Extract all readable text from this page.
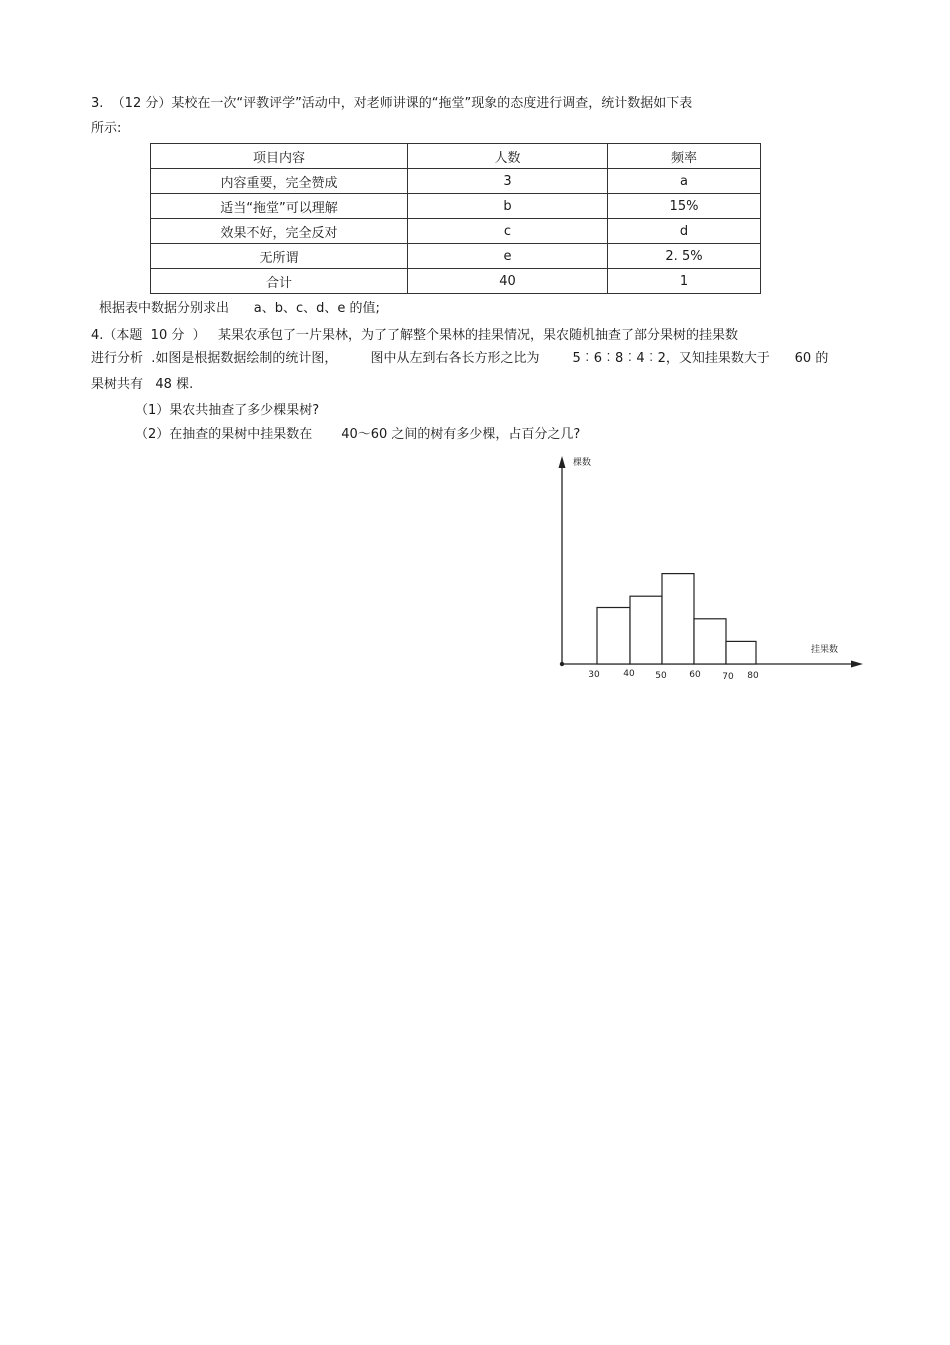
3.  （12 分）某校在一次“评教评学”活动中，对老师讲课的“拖堂”现象的态度进行调查，统计数据如下表
所示:
项目内容	人数	频率
内容重要，完全赞成	3	a
适当“拖堂”可以理解	b	15%
效果不好，完全反对	c	d
无所谓	e	2. 5%
合计	40	1
根据表中数据分别求出      a、b、c、d、e 的值;
4.（本题  10 分  ）   某果农承包了一片果林，为了了解整个果林的挂果情况，果农随机抽查了部分果树的挂果数
进行分析  .如图是根据数据绘制的统计图，        图中从左到右各长方形之比为        5︰6︰8︰4︰2，又知挂果数大于      60 的
果树共有   48 棵.
（1）果农共抽查了多少棵果树?
（2）在抽查的果树中挂果数在       40～60 之间的树有多少棵，占百分之几?
棵数
挂果数
30	40 50	60 70 80
